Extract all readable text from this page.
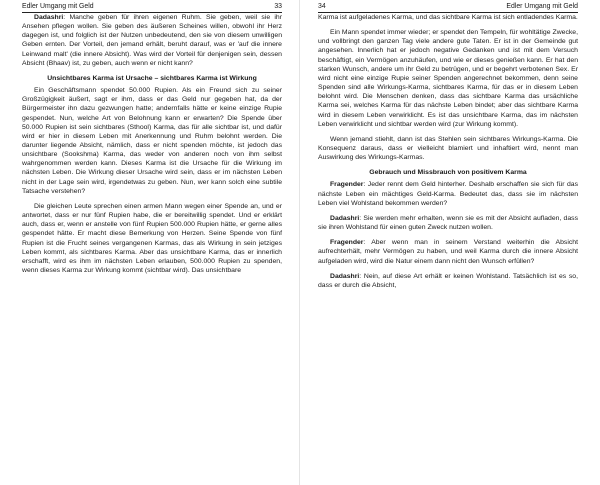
Edler Umgang mit Geld	33

Dadashri: Manche geben für ihren eigenen Ruhm. Sie geben, weil sie ihr Ansehen pflegen wollen. Sie geben des äußeren Scheines willen, obwohl ihr Herz dagegen ist, und folglich ist der Nutzen unbedeutend, den sie von diesem unwilligen Geben ernten. Der Vorteil, den jemand erhält, beruht darauf, was er 'auf die innere Leinwand malt' (die innere Absicht). Was wird der Vorteil für denjenigen sein, dessen Absicht (Bhaav) ist, zu geben, auch wenn er nicht kann?

Unsichtbares Karma ist Ursache – sichtbares Karma ist Wirkung

Ein Geschäftsmann spendet 50.000 Rupien. Als ein Freund sich zu seiner Großzügigkeit äußert, sagt er ihm, dass er das Geld nur gegeben hat, da der Bürgermeister ihn dazu gezwungen hatte; andernfalls hätte er keine einzige Rupie gespendet. Nun, welche Art von Belohnung kann er erwarten? Die Spende über 50.000 Rupien ist sein sichtbares (Sthool) Karma, das für alle sichtbar ist, und dafür wird er hier in diesem Leben mit Anerkennung und Ruhm belohnt werden. Die darunter liegende Absicht, nämlich, dass er nicht spenden möchte, ist jedoch das unsichtbare (Sookshma) Karma, das weder von anderen noch von ihm selbst wahrgenommen werden kann. Dieses Karma ist die Ursache für die Wirkung im nächsten Leben. Die Wirkung dieser Ursache wird sein, dass er im nächsten Leben nicht in der Lage sein wird, irgendetwas zu geben. Nun, wer kann solch eine subtile Tatsache verstehen?

Die gleichen Leute sprechen einen armen Mann wegen einer Spende an, und er antwortet, dass er nur fünf Rupien habe, die er bereitwillig spendet. Und er erklärt auch, dass er, wenn er anstelle von fünf Rupien 500.000 Rupien hätte, er gerne alles gespendet hätte. Er macht diese Bemerkung von Herzen. Seine Spende von fünf Rupien ist die Frucht seines vergangenen Karmas, das als Wirkung in sein jetziges Leben kommt, als sichtbares Karma. Aber das unsichtbare Karma, das er innerlich erschafft, wird es ihm im nächsten Leben erlauben, 500.000 Rupien zu spenden, wenn dieses Karma zur Wirkung kommt (sichtbar wird). Das unsichtbare

34	Edler Umgang mit Geld

Karma ist aufgeladenes Karma, und das sichtbare Karma ist sich entladendes Karma.

Ein Mann spendet immer wieder; er spendet den Tempeln, für wohltätige Zwecke, und vollbringt den ganzen Tag viele andere gute Taten. Er ist in der Gemeinde gut angesehen. Innerlich hat er jedoch negative Gedanken und ist mit dem Versuch beschäftigt, ein Vermögen anzuhäufen, und wie er dieses genießen kann. Er hat den starken Wunsch, andere um ihr Geld zu betrügen, und er begehrt verbotenen Sex. Er wird nicht eine einzige Rupie seiner Spenden angerechnet bekommen, denn seine Spenden sind alle Wirkungs-Karma, sichtbares Karma, für das er in diesem Leben belohnt wird. Die Menschen denken, dass das sichtbare Karma das ursächliche Karma sei, welches Karma für das nächste Leben bindet; aber das sichtbare Karma wird in diesem Leben verwirklicht. Es ist das unsichtbare Karma, das im nächsten Leben verwirklicht und sichtbar werden wird (zur Wirkung kommt).

Wenn jemand stiehlt, dann ist das Stehlen sein sichtbares Wirkungs-Karma. Die Konsequenz daraus, dass er vielleicht blamiert und inhaftiert wird, nennt man Auswirkung des Wirkungs-Karmas.

Gebrauch und Missbrauch von positivem Karma

Fragender: Jeder rennt dem Geld hinterher. Deshalb erschaffen sie sich für das nächste Leben ein mächtiges Geld-Karma. Bedeutet das, dass sie im nächsten Leben viel Wohlstand bekommen werden?

Dadashri: Sie werden mehr erhalten, wenn sie es mit der Absicht aufladen, dass sie ihren Wohlstand für einen guten Zweck nutzen wollen.

Fragender: Aber wenn man in seinem Verstand weiterhin die Absicht aufrechterhält, mehr Vermögen zu haben, und weil Karma durch die innere Absicht aufgeladen wird, wird die Natur einem dann nicht den Wunsch erfüllen?

Dadashri: Nein, auf diese Art erhält er keinen Wohlstand. Tatsächlich ist es so, dass er durch die Absicht,
